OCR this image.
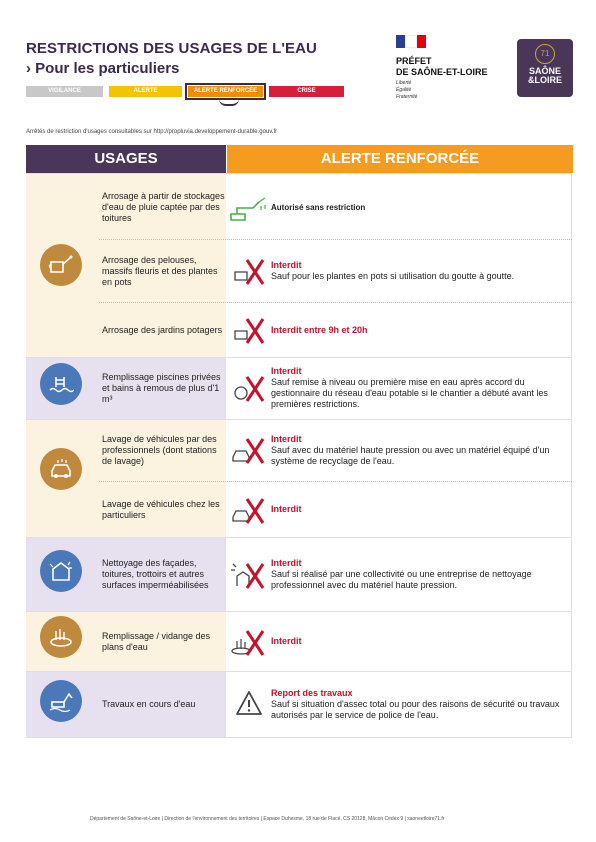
RESTRICTIONS DES USAGES DE L'EAU
› Pour les particuliers
VIGILANCE	ALERTE	ALERTE RENFORCÉE	CRISE
PRÉFET
DE SAÔNE-ET-LOIRE
Liberté
Égalité
Fraternité
71
SAÔNE
&LOIRE
Arrêtés de restriction d'usages consultables sur http://propluvia.developpement-durable.gouv.fr
USAGES	ALERTE RENFORCÉE
Arrosage à partir de stockages d'eau de pluie captée par des toitures
Autorisé sans restriction
Arrosage des pelouses, massifs fleuris et des plantes en pots
Interdit
Sauf pour les plantes en pots si utilisation du goutte à goutte.
Arrosage des jardins potagers	Interdit entre 9h et 20h
Remplissage piscines privées et bains à remous de plus d'1 m³
Interdit
Sauf remise à niveau ou première mise en eau après accord du gestionnaire du réseau d'eau potable si le chantier a débuté avant les premières restrictions.
Lavage de véhicules par des professionnels (dont stations de lavage)
Interdit
Sauf avec du matériel haute pression ou avec un matériel équipé d'un système de recyclage de l'eau.
Lavage de véhicules chez les particuliers
Interdit
Nettoyage des façades, toitures, trottoirs et autres surfaces imperméabilisées
Interdit
Sauf si réalisé par une collectivité ou une entreprise de nettoyage professionnel avec du matériel haute pression.
Remplissage / vidange des plans d'eau
Interdit
Travaux en cours d'eau
Report des travaux
Sauf si situation d'assec total ou pour des raisons de sécurité ou travaux autorisés par le service de police de l'eau.
Département de Saône-et-Loire | Direction de l'environnement des territoires | Espace Duhesme, 18 rue de Flacé, CS 20128, Mâcon Cedex 9 | saoneetloire71.fr
